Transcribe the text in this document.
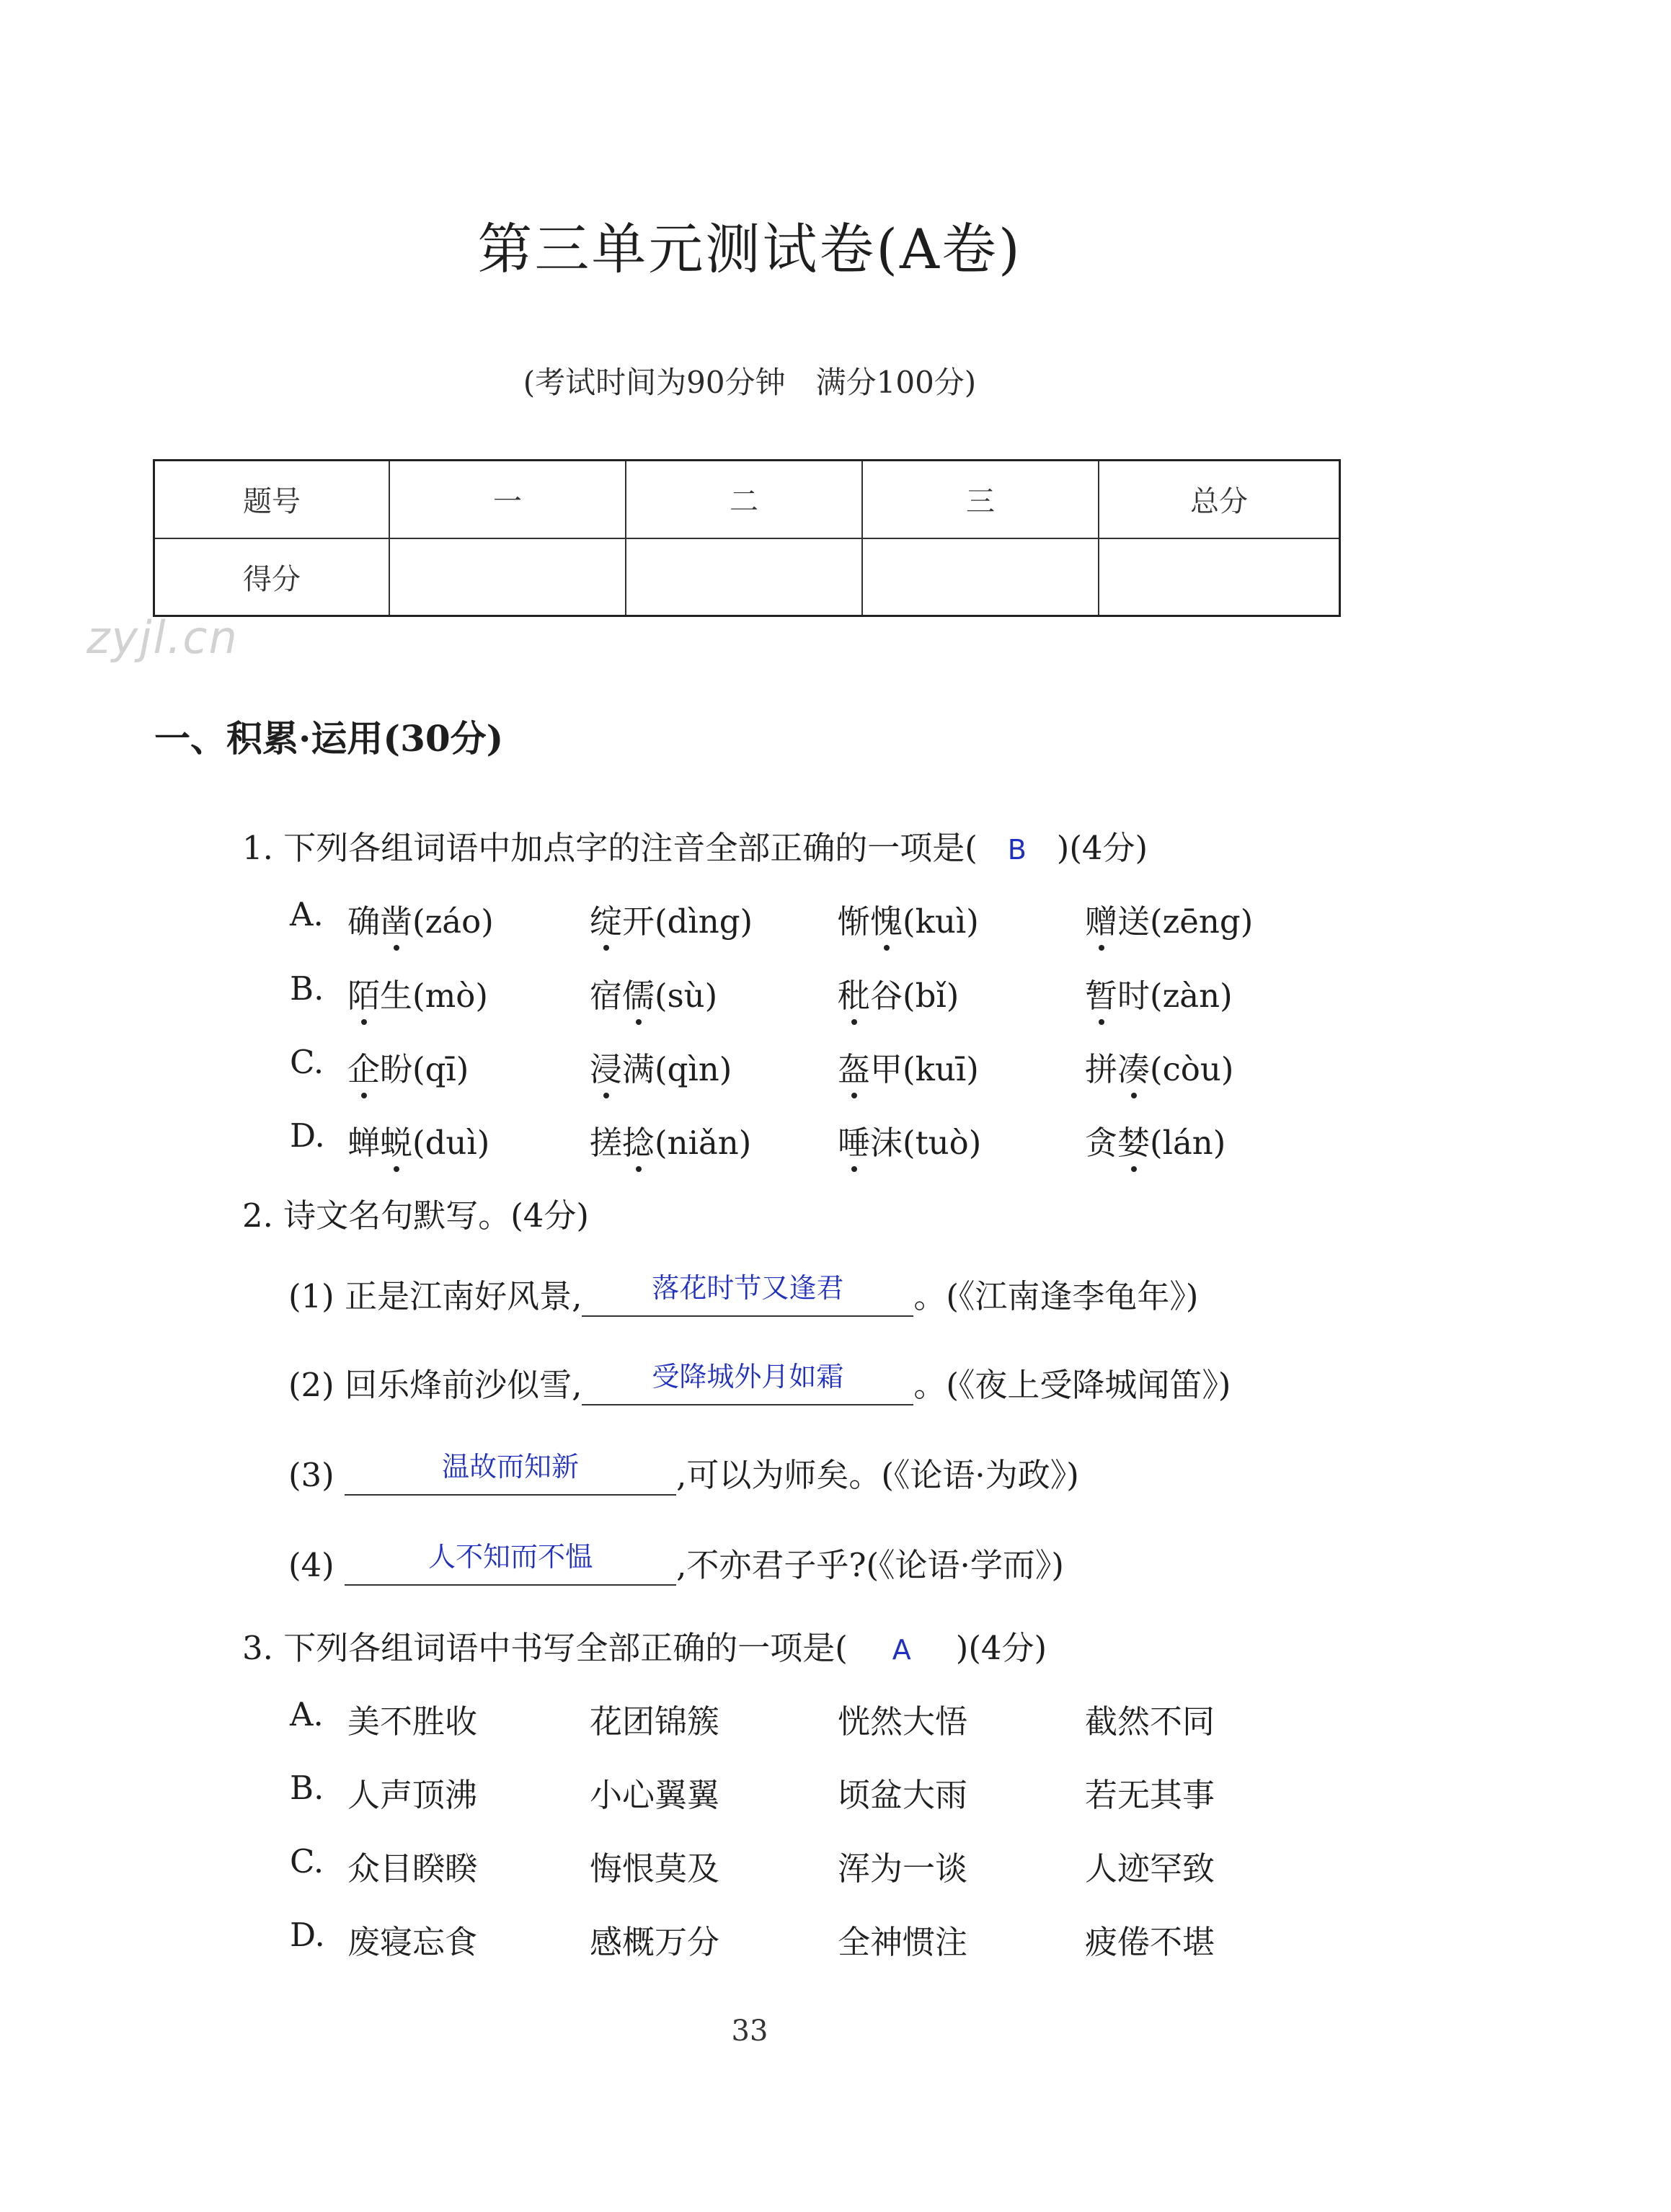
第三单元测试卷(A卷)
(考试时间为90分钟　满分100分)
题号	一	二	三	总分
得分				
zyjl.cn
一、积累·运用(30分)
1. 下列各组词语中加点字的注音全部正确的一项是( B )(4分)
A. 确凿(záo)	绽开(dìng)	惭愧(kuì)	赠送(zēng)
B. 陌生(mò)	宿儒(sù)	秕谷(bǐ)	暂时(zàn)
C. 企盼(qī)	浸满(qìn)	盔甲(kuī)	拼凑(còu)
D. 蝉蜕(duì)	搓捻(niǎn)	唾沫(tuò)	贪婪(lán)
2. 诗文名句默写。(4分)
(1) 正是江南好风景,	$^{落花时节又逢君}$ 。(《江南逢李龟年》)
(2) 回乐烽前沙似雪,	$^{受降城外月如霜}$ 。(《夜上受降城闻笛》)
(3)	$^{温故而知新}$	,可以为师矣。(《论语·为政》)
(4)	$^{人不知而不愠}$	,不亦君子乎?(《论语·学而》)
3. 下列各组词语中书写全部正确的一项是( A )(4分)
A. 美不胜收	花团锦簇	恍然大悟	截然不同
B. 人声顶沸	小心翼翼	顷盆大雨	若无其事
C. 众目睽睽	悔恨莫及	浑为一谈	人迹罕致
D. 废寝忘食	感概万分	全神惯注	疲倦不堪
33
